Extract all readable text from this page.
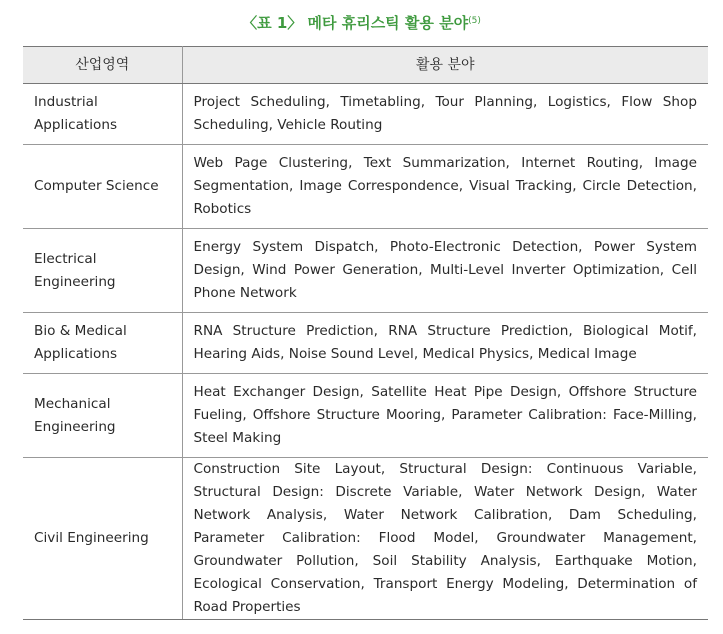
〈표 1〉 메타 휴리스틱 활용 분야$^{(5)}$
산업영역	활용 분야
Industrial Applications	Project Scheduling, Timetabling, Tour Planning, Logistics, Flow Shop Scheduling, Vehicle Routing
Computer Science	Web Page Clustering, Text Summarization, Internet Routing, Image Segmentation, Image Correspondence, Visual Tracking, Circle Detection, Robotics
Electrical Engineering	Energy System Dispatch, Photo-Electronic Detection, Power System Design, Wind Power Generation, Multi-Level Inverter Optimization, Cell Phone Network
Bio & Medical Applications	RNA Structure Prediction, RNA Structure Prediction, Biological Motif, Hearing Aids, Noise Sound Level, Medical Physics, Medical Image
Mechanical Engineering	Heat Exchanger Design, Satellite Heat Pipe Design, Offshore Structure Fueling, Offshore Structure Mooring, Parameter Calibration: Face-Milling, Steel Making
Civil Engineering	Construction Site Layout, Structural Design: Continuous Variable, Structural Design: Discrete Variable, Water Network Design, Water Network Analysis, Water Network Calibration, Dam Scheduling, Parameter Calibration: Flood Model, Groundwater Management, Groundwater Pollution, Soil Stability Analysis, Earthquake Motion, Ecological Conservation, Transport Energy Modeling, Determination of Road Properties
